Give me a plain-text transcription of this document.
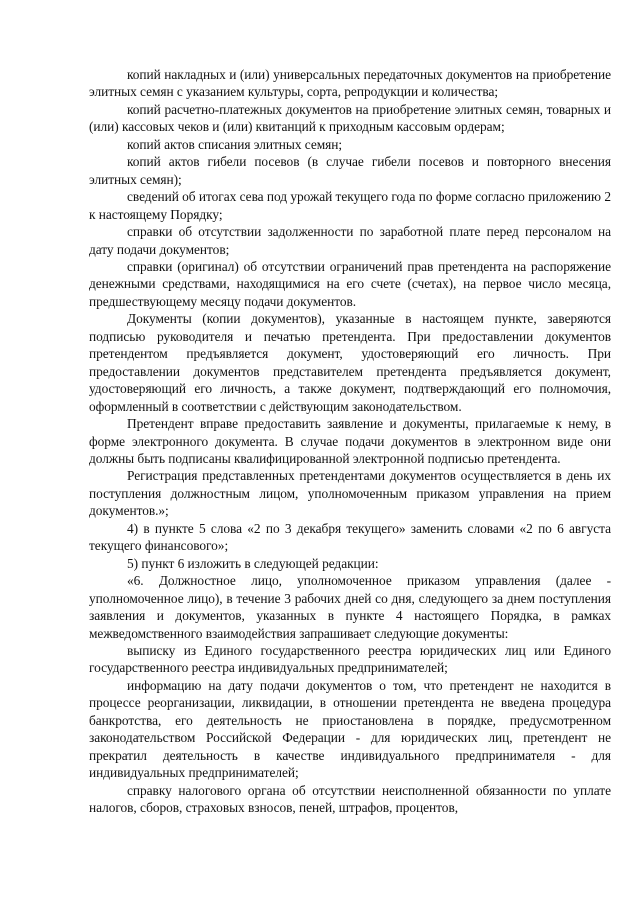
копий накладных и (или) универсальных передаточных документов на приобретение элитных семян с указанием культуры, сорта, репродукции и количества;

копий расчетно-платежных документов на приобретение элитных семян, товарных и (или) кассовых чеков и (или) квитанций к приходным кассовым ордерам;

копий актов списания элитных семян;

копий актов гибели посевов (в случае гибели посевов и повторного внесения элитных семян);

сведений об итогах сева под урожай текущего года по форме согласно приложению 2 к настоящему Порядку;

справки об отсутствии задолженности по заработной плате перед персоналом на дату подачи документов;

справки (оригинал) об отсутствии ограничений прав претендента на распоряжение денежными средствами, находящимися на его счете (счетах), на первое число месяца, предшествующему месяцу подачи документов.

Документы (копии документов), указанные в настоящем пункте, заверяются подписью руководителя и печатью претендента. При предоставлении документов претендентом предъявляется документ, удостоверяющий его личность. При предоставлении документов представителем претендента предъявляется документ, удостоверяющий его личность, а также документ, подтверждающий его полномочия, оформленный в соответствии с действующим законодательством.

Претендент вправе предоставить заявление и документы, прилагаемые к нему, в форме электронного документа. В случае подачи документов в электронном виде они должны быть подписаны квалифицированной электронной подписью претендента.

Регистрация представленных претендентами документов осуществляется в день их поступления должностным лицом, уполномоченным приказом управления на прием документов.»;

4) в пункте 5 слова «2 по 3 декабря текущего» заменить словами «2 по 6 августа текущего финансового»;

5) пункт 6 изложить в следующей редакции:

«6. Должностное лицо, уполномоченное приказом управления (далее - уполномоченное лицо), в течение 3 рабочих дней со дня, следующего за днем поступления заявления и документов, указанных в пункте 4 настоящего Порядка, в рамках межведомственного взаимодействия запрашивает следующие документы:

выписку из Единого государственного реестра юридических лиц или Единого государственного реестра индивидуальных предпринимателей;

информацию на дату подачи документов о том, что претендент не находится в процессе реорганизации, ликвидации, в отношении претендента не введена процедура банкротства, его деятельность не приостановлена в порядке, предусмотренном законодательством Российской Федерации - для юридических лиц, претендент не прекратил деятельность в качестве индивидуального предпринимателя - для индивидуальных предпринимателей;

справку налогового органа об отсутствии неисполненной обязанности по уплате налогов, сборов, страховых взносов, пеней, штрафов, процентов,
